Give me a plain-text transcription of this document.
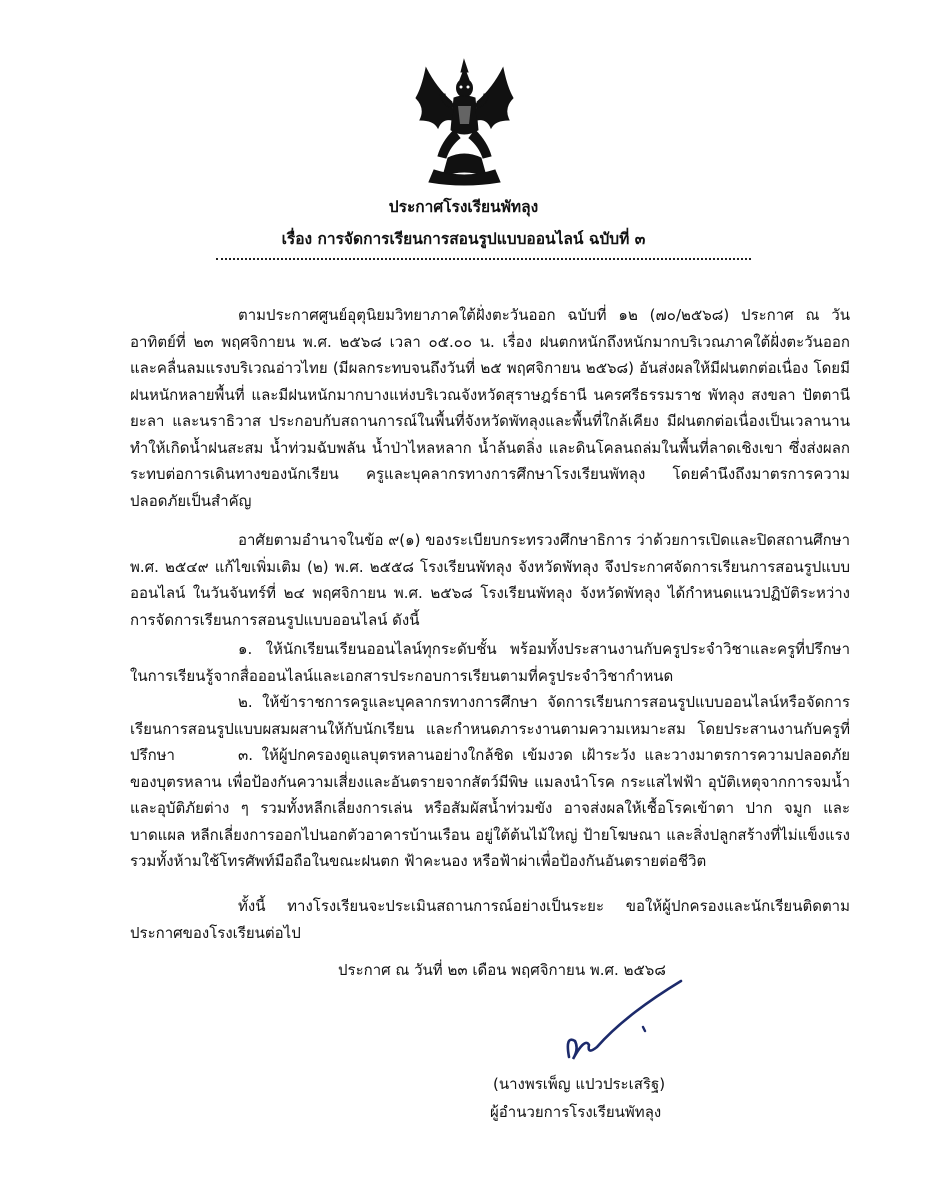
ประกาศโรงเรียนพัทลุง
เรื่อง การจัดการเรียนการสอนรูปแบบออนไลน์ ฉบับที่ ๓
ตามประกาศศูนย์อุตุนิยมวิทยาภาคใต้ฝั่งตะวันออก ฉบับที่ ๑๒ (๗๐/๒๕๖๘) ประกาศ ณ วันอาทิตย์ที่ ๒๓ พฤศจิกายน พ.ศ. ๒๕๖๘ เวลา ๐๕.๐๐ น. เรื่อง ฝนตกหนักถึงหนักมากบริเวณภาคใต้ฝั่งตะวันออก และคลื่นลมแรงบริเวณอ่าวไทย (มีผลกระทบจนถึงวันที่ ๒๕ พฤศจิกายน ๒๕๖๘) อันส่งผลให้มีฝนตกต่อเนื่อง โดยมีฝนหนักหลายพื้นที่ และมีฝนหนักมากบางแห่งบริเวณจังหวัดสุราษฎร์ธานี นครศรีธรรมราช พัทลุง สงขลา ปัตตานี ยะลา และนราธิวาส ประกอบกับสถานการณ์ในพื้นที่จังหวัดพัทลุงและพื้นที่ใกล้เคียง มีฝนตกต่อเนื่องเป็นเวลานาน ทำให้เกิดน้ำฝนสะสม น้ำท่วมฉับพลัน น้ำป่าไหลหลาก น้ำล้นตลิ่ง และดินโคลนถล่มในพื้นที่ลาดเชิงเขา ซึ่งส่งผลกระทบต่อการเดินทางของนักเรียน ครูและบุคลากรทางการศึกษาโรงเรียนพัทลุง โดยคำนึงถึงมาตรการความปลอดภัยเป็นสำคัญ
อาศัยตามอำนาจในข้อ ๙(๑) ของระเบียบกระทรวงศึกษาธิการ ว่าด้วยการเปิดและปิดสถานศึกษา พ.ศ. ๒๕๔๙ แก้ไขเพิ่มเติม (๒) พ.ศ. ๒๕๕๘ โรงเรียนพัทลุง จังหวัดพัทลุง จึงประกาศจัดการเรียนการสอนรูปแบบออนไลน์ ในวันจันทร์ที่ ๒๔ พฤศจิกายน พ.ศ. ๒๕๖๘ โรงเรียนพัทลุง จังหวัดพัทลุง ได้กำหนดแนวปฏิบัติระหว่างการจัดการเรียนการสอนรูปแบบออนไลน์ ดังนี้
๑. ให้นักเรียนเรียนออนไลน์ทุกระดับชั้น พร้อมทั้งประสานงานกับครูประจำวิชาและครูที่ปรึกษา ในการเรียนรู้จากสื่อออนไลน์และเอกสารประกอบการเรียนตามที่ครูประจำวิชากำหนด
๒. ให้ข้าราชการครูและบุคลากรทางการศึกษา จัดการเรียนการสอนรูปแบบออนไลน์หรือจัดการเรียนการสอนรูปแบบผสมผสานให้กับนักเรียน และกำหนดภาระงานตามความเหมาะสม โดยประสานงานกับครูที่ปรึกษา	๓. ให้ผู้ปกครองดูแลบุตรหลานอย่างใกล้ชิด เข้มงวด เฝ้าระวัง และวางมาตรการความปลอดภัยของบุตรหลาน เพื่อป้องกันความเสี่ยงและอันตรายจากสัตว์มีพิษ แมลงนำโรค กระแสไฟฟ้า อุบัติเหตุจากการจมน้ำ และอุบัติภัยต่าง ๆ รวมทั้งหลีกเลี่ยงการเล่น หรือสัมผัสน้ำท่วมขัง อาจส่งผลให้เชื้อโรคเข้าตา ปาก จมูก และบาดแผล หลีกเลี่ยงการออกไปนอกตัวอาคารบ้านเรือน อยู่ใต้ต้นไม้ใหญ่ ป้ายโฆษณา และสิ่งปลูกสร้างที่ไม่แข็งแรง รวมทั้งห้ามใช้โทรศัพท์มือถือในขณะฝนตก ฟ้าคะนอง หรือฟ้าผ่าเพื่อป้องกันอันตรายต่อชีวิต
ทั้งนี้ ทางโรงเรียนจะประเมินสถานการณ์อย่างเป็นระยะ ขอให้ผู้ปกครองและนักเรียนติดตามประกาศของโรงเรียนต่อไป
ประกาศ ณ วันที่ ๒๓ เดือน พฤศจิกายน พ.ศ. ๒๕๖๘
(นางพรเพ็ญ แปวประเสริฐ)
ผู้อำนวยการโรงเรียนพัทลุง
